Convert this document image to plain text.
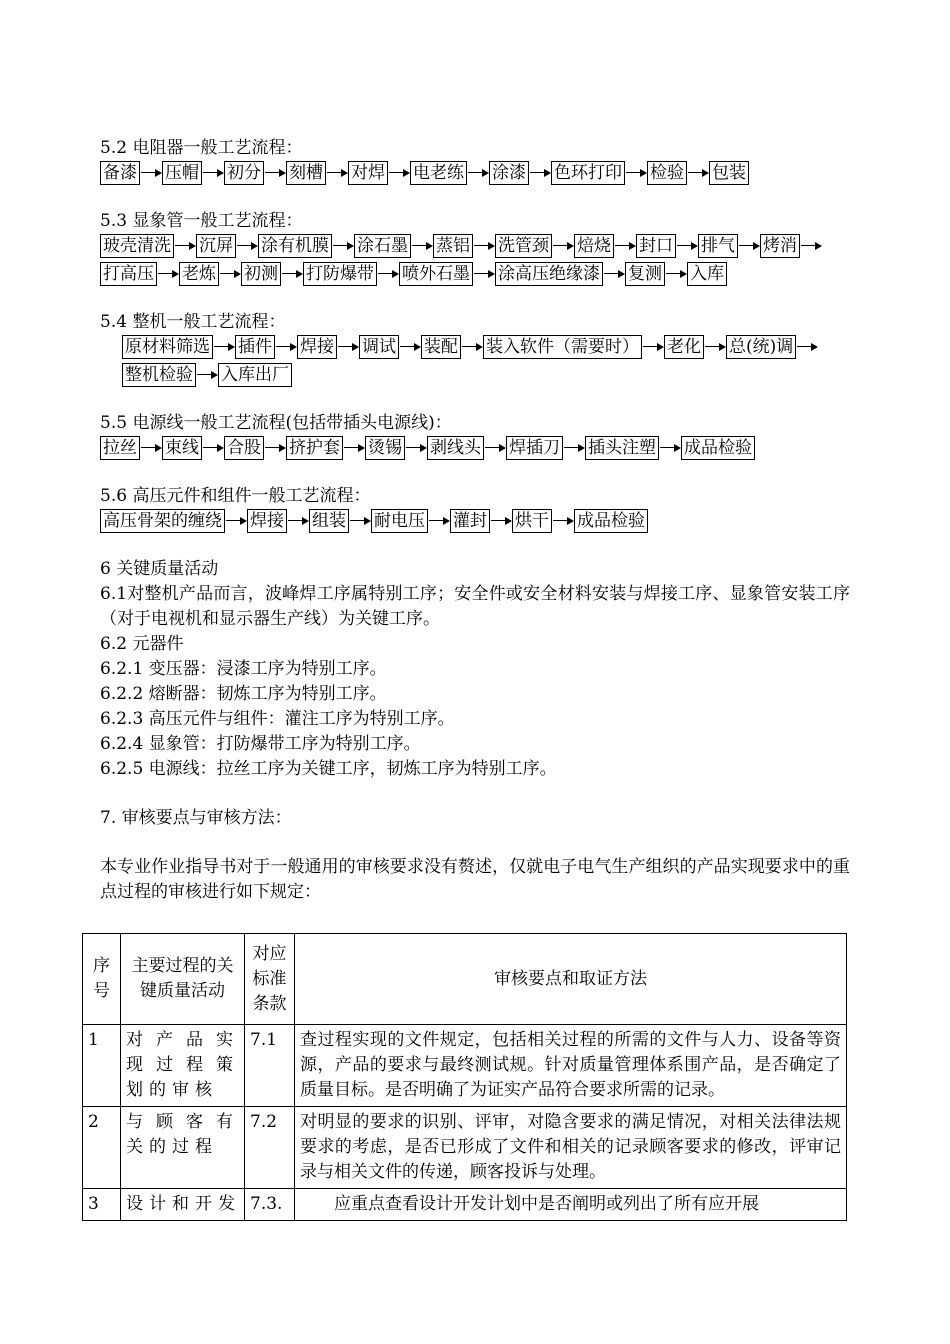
5.2 电阻器一般工艺流程：
备漆 压帽 初分 刻槽 对焊 电老练 涂漆 色环打印 检验 包装
5.3 显象管一般工艺流程：
玻壳清洗 沉屏 涂有机膜 涂石墨 蒸铝 洗管颈 焙烧 封口 排气 烤消
打高压 老炼 初测 打防爆带 喷外石墨 涂高压绝缘漆 复测 入库
5.4 整机一般工艺流程：
原材料筛选 插件 焊接 调试 装配 装入软件（需要时） 老化 总(统)调
整机检验 入库出厂
5.5 电源线一般工艺流程(包括带插头电源线)：
拉丝 束线 合股 挤护套 烫锡 剥线头 焊插刀 插头注塑 成品检验
5.6 高压元件和组件一般工艺流程：
高压骨架的缠绕 焊接 组装 耐电压 灌封 烘干 成品检验

6 关键质量活动

6.1对整机产品而言，波峰焊工序属特别工序；安全件或安全材料安装与焊接工序、显象管安装工序（对于电视机和显示器生产线）为关键工序。

6.2 元器件

6.2.1 变压器：浸漆工序为特别工序。

6.2.2 熔断器：韧炼工序为特别工序。

6.2.3 高压元件与组件：灌注工序为特别工序。

6.2.4 显象管：打防爆带工序为特别工序。

6.2.5 电源线：拉丝工序为关键工序，韧炼工序为特别工序。

7. 审核要点与审核方法：

本专业作业指导书对于一般通用的审核要求没有赘述，仅就电子电气生产组织的产品实现要求中的重点过程的审核进行如下规定：

序号	主要过程的关键质量活动	对应标准条款	审核要点和取证方法
1	对产品实现过程策划的审核	7.1	查过程实现的文件规定，包括相关过程的所需的文件与人力、设备等资源，产品的要求与最终测试规。针对质量管理体系围产品，是否确定了质量目标。是否明确了为证实产品符合要求所需的记录。
2	与顾客有关的过程	7.2	对明显的要求的识别、评审，对隐含要求的满足情况，对相关法律法规要求的考虑，是否已形成了文件和相关的记录顾客要求的修改，评审记录与相关文件的传递，顾客投诉与处理。
3	设计和开发	7.3.	应重点查看设计开发计划中是否阐明或列出了所有应开展
